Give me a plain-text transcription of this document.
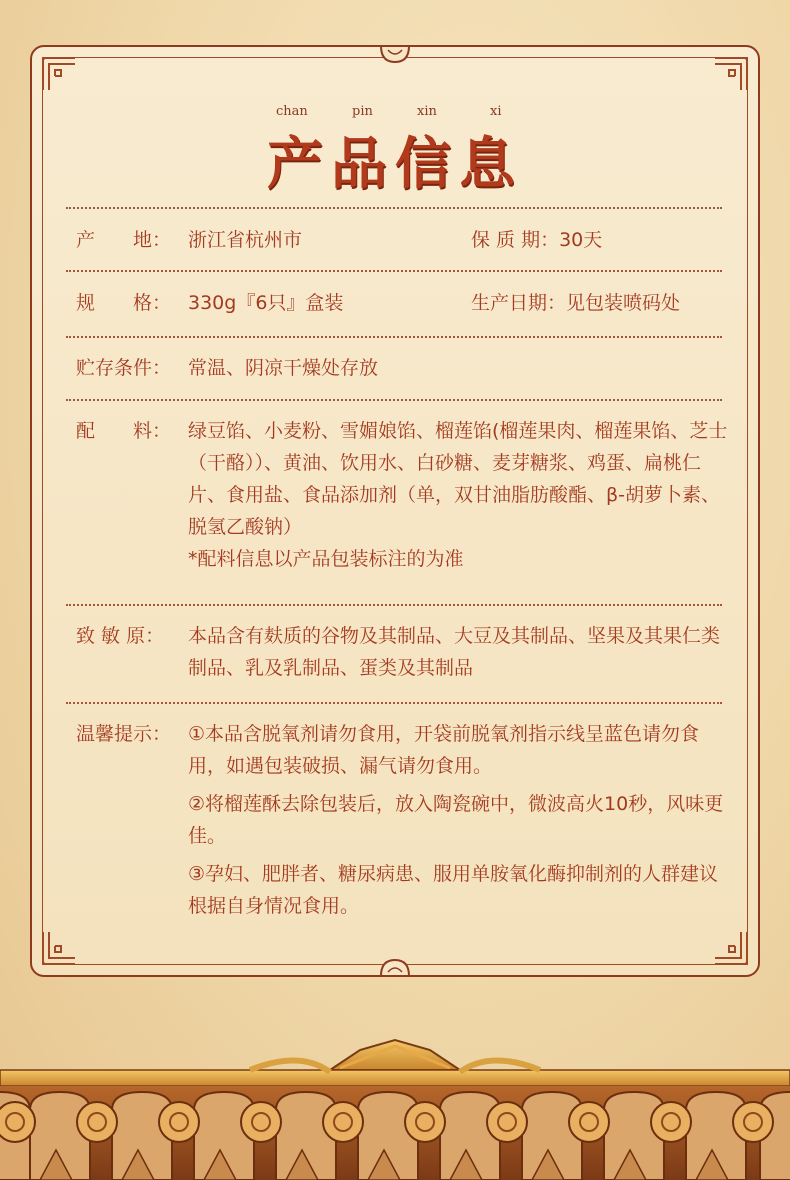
chan	pin	xin	xi
产品信息
产　　地： 浙江省杭州市	保 质 期：30天
规　　格： 330g『6只』盒装	生产日期：见包装喷码处
贮存条件： 常温、阴凉干燥处存放
配　　料： 绿豆馅、小麦粉、雪媚娘馅、榴莲馅(榴莲果肉、榴莲果馅、芝士（干酪））、黄油、饮用水、白砂糖、麦芽糖浆、鸡蛋、扁桃仁片、食用盐、食品添加剂（单，双甘油脂肪酸酯、β-胡萝卜素、脱氢乙酸钠）
*配料信息以产品包装标注的为准
致 敏 原：	本品含有麸质的谷物及其制品、大豆及其制品、坚果及其果仁类制品、乳及乳制品、蛋类及其制品
温馨提示： ①本品含脱氧剂请勿食用，开袋前脱氧剂指示线呈蓝色请勿食用，如遇包装破损、漏气请勿食用。
②将榴莲酥去除包装后，放入陶瓷碗中，微波高火10秒，风味更佳。
③孕妇、肥胖者、糖尿病患、服用单胺氧化酶抑制剂的人群建议根据自身情况食用。
